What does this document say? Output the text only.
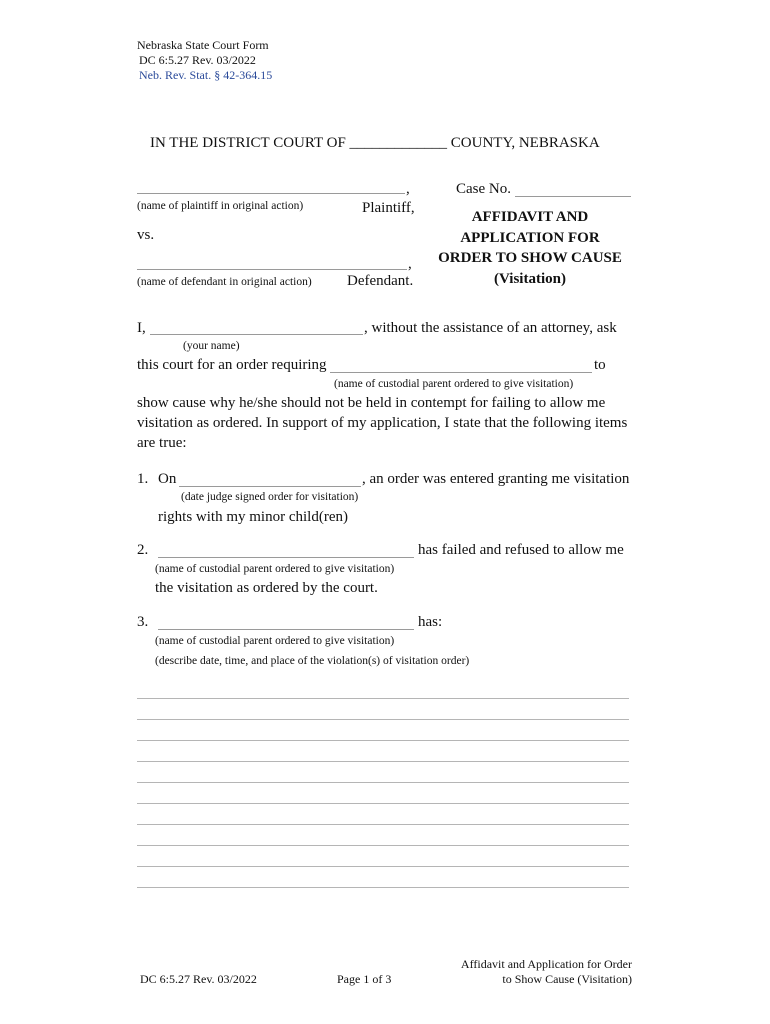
Nebraska State Court Form
DC 6:5.27 Rev. 03/2022
Neb. Rev. Stat. § 42-364.15
IN THE DISTRICT COURT OF _____________ COUNTY, NEBRASKA
,
(name of plaintiff in original action)	Plaintiff,
vs.
,
(name of defendant in original action) Defendant.
Case No.
AFFIDAVIT AND
APPLICATION FOR
ORDER TO SHOW CAUSE
(Visitation)
I,	, without the assistance of an attorney, ask
(your name)
this court for an order requiring	to
(name of custodial parent ordered to give visitation)
show cause why he/she should not be held in contempt for failing to allow me
visitation as ordered. In support of my application, I state that the following items
are true:
1. On	, an order was entered granting me visitation
(date judge signed order for visitation)
rights with my minor child(ren)
2.	has failed and refused to allow me
(name of custodial parent ordered to give visitation)
the visitation as ordered by the court.
3.	has:
(name of custodial parent ordered to give visitation)
(describe date, time, and place of the violation(s) of visitation order)
DC 6:5.27 Rev. 03/2022	Page 1 of 3
Affidavit and Application for Order
to Show Cause (Visitation)
